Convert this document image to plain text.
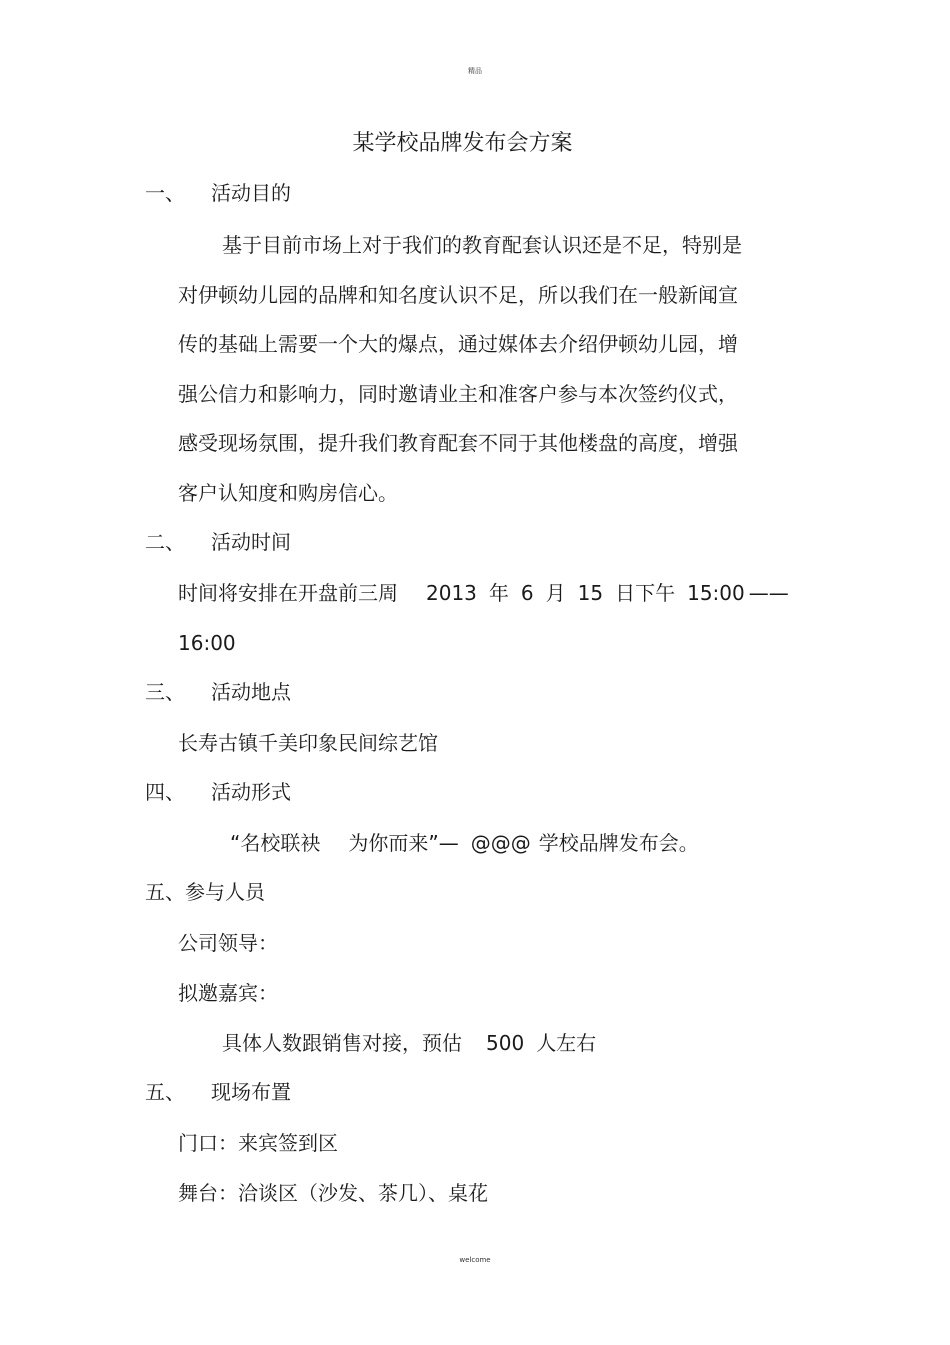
精品
某学校品牌发布会方案
一、 活动目的
基于目前市场上对于我们的教育配套认识还是不足，特别是
对伊顿幼儿园的品牌和知名度认识不足，所以我们在一般新闻宣
传的基础上需要一个大的爆点，通过媒体去介绍伊顿幼儿园，增
强公信力和影响力，同时邀请业主和准客户参与本次签约仪式，
感受现场氛围，提升我们教育配套不同于其他楼盘的高度，增强
客户认知度和购房信心。
二、 活动时间
时间将安排在开盘前三周 2013 年 6 月 15 日下午 15:00 ——
16:00
三、 活动地点
长寿古镇千美印象民间综艺馆
四、 活动形式
“名校联袂 为你而来”— @@@ 学校品牌发布会。
五、参与人员
公司领导：
拟邀嘉宾：
具体人数跟销售对接，预估 500 人左右
五、 现场布置
门口：来宾签到区
舞台：洽谈区（沙发、茶几）、桌花
welcome
